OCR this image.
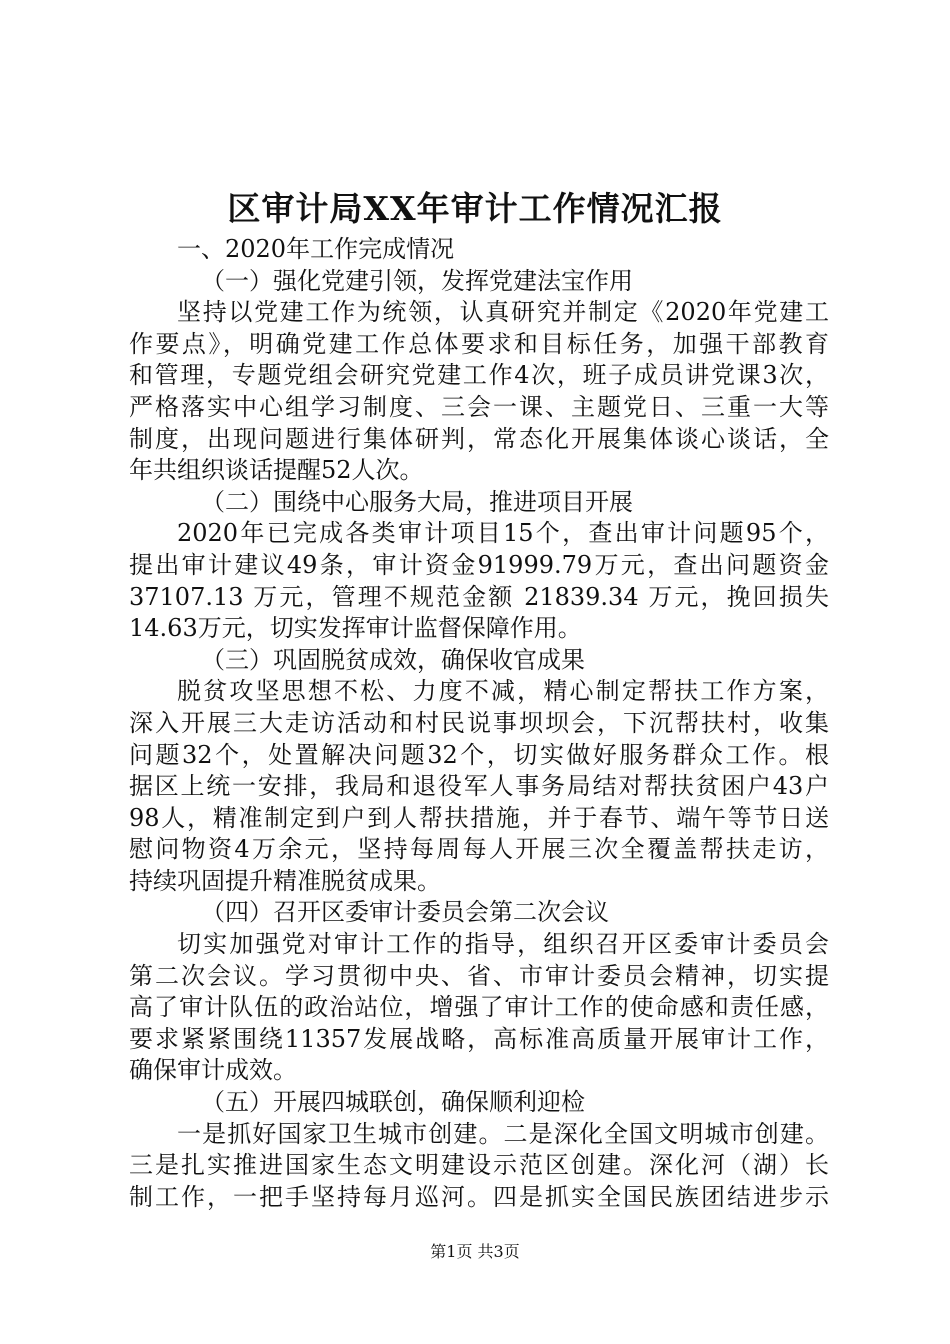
区审计局XX年审计工作情况汇报
一、2020年工作完成情况
（一）强化党建引领，发挥党建法宝作用
坚持以党建工作为统领，认真研究并制定《2020年党建工
作要点》，明确党建工作总体要求和目标任务，加强干部教育
和管理，专题党组会研究党建工作4次，班子成员讲党课3次，
严格落实中心组学习制度、三会一课、主题党日、三重一大等
制度，出现问题进行集体研判，常态化开展集体谈心谈话，全
年共组织谈话提醒52人次。
（二）围绕中心服务大局，推进项目开展
2020年已完成各类审计项目15个，查出审计问题95个，
提出审计建议49条，审计资金91999.79万元，查出问题资金
37107.13 万元，管理不规范金额 21839.34 万元，挽回损失
14.63万元，切实发挥审计监督保障作用。
（三）巩固脱贫成效，确保收官成果
脱贫攻坚思想不松、力度不减，精心制定帮扶工作方案，
深入开展三大走访活动和村民说事坝坝会，下沉帮扶村，收集
问题32个，处置解决问题32个，切实做好服务群众工作。根
据区上统一安排，我局和退役军人事务局结对帮扶贫困户43户
98人，精准制定到户到人帮扶措施，并于春节、端午等节日送
慰问物资4万余元，坚持每周每人开展三次全覆盖帮扶走访，
持续巩固提升精准脱贫成果。
（四）召开区委审计委员会第二次会议
切实加强党对审计工作的指导，组织召开区委审计委员会
第二次会议。学习贯彻中央、省、市审计委员会精神，切实提
高了审计队伍的政治站位，增强了审计工作的使命感和责任感，
要求紧紧围绕11357发展战略，高标准高质量开展审计工作，
确保审计成效。
（五）开展四城联创，确保顺利迎检
一是抓好国家卫生城市创建。二是深化全国文明城市创建。
三是扎实推进国家生态文明建设示范区创建。深化河（湖）长
制工作，一把手坚持每月巡河。四是抓实全国民族团结进步示
第1页 共3页
